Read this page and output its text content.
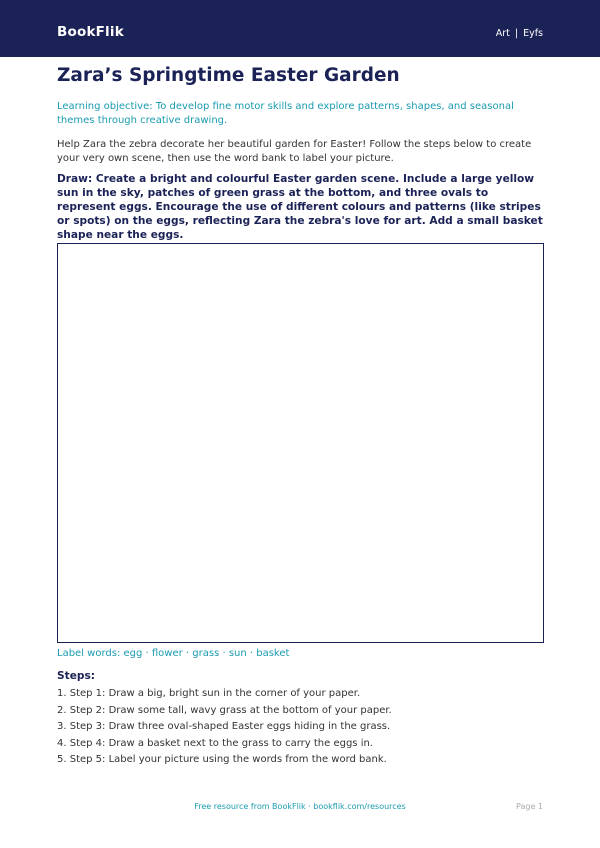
BookFlik	Art | Eyfs
Zara’s Springtime Easter Garden

Learning objective: To develop fine motor skills and explore patterns, shapes, and seasonal themes through creative drawing.

Help Zara the zebra decorate her beautiful garden for Easter! Follow the steps below to create your very own scene, then use the word bank to label your picture.

Draw: Create a bright and colourful Easter garden scene. Include a large yellow sun in the sky, patches of green grass at the bottom, and three ovals to represent eggs. Encourage the use of different colours and patterns (like stripes or spots) on the eggs, reflecting Zara the zebra's love for art. Add a small basket shape near the eggs.

Label words: egg · flower · grass · sun · basket

Steps:
1. Step 1: Draw a big, bright sun in the corner of your paper.
2. Step 2: Draw some tall, wavy grass at the bottom of your paper.
3. Step 3: Draw three oval-shaped Easter eggs hiding in the grass.
4. Step 4: Draw a basket next to the grass to carry the eggs in.
5. Step 5: Label your picture using the words from the word bank.
Free resource from BookFlik · bookflik.com/resources	Page 1
